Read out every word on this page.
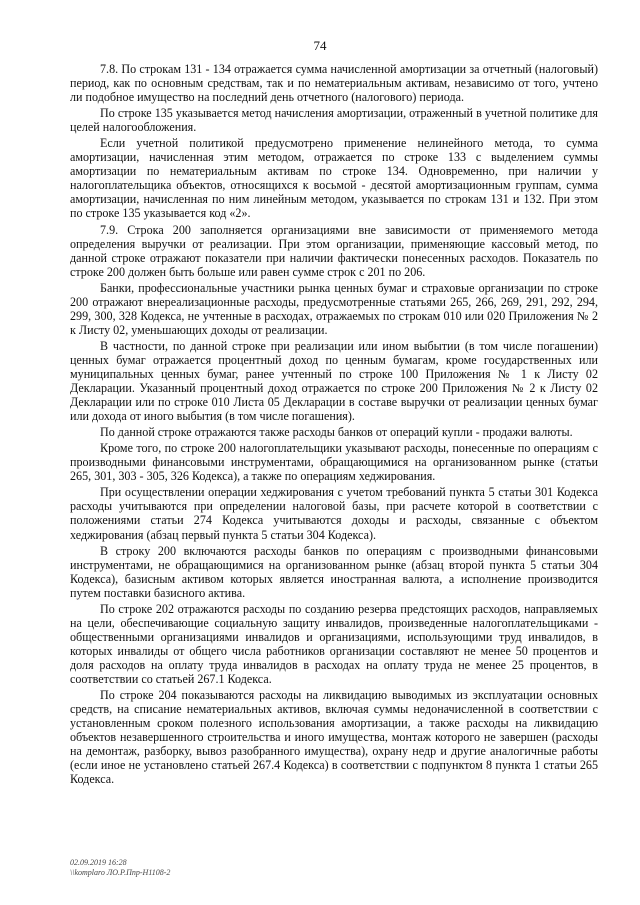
74

7.8. По строкам 131 - 134 отражается сумма начисленной амортизации за отчетный (налоговый) период, как по основным средствам, так и по нематериальным активам, независимо от того, учтено ли подобное имущество на последний день отчетного (налогового) периода.

По строке 135 указывается метод начисления амортизации, отраженный в учетной политике для целей налогообложения.

Если учетной политикой предусмотрено применение нелинейного метода, то сумма амортизации, начисленная этим методом, отражается по строке 133 с выделением суммы амортизации по нематериальным активам по строке 134. Одновременно, при наличии у налогоплательщика объектов, относящихся к восьмой - десятой амортизационным группам, сумма амортизации, начисленная по ним линейным методом, указывается по строкам 131 и 132. При этом по строке 135 указывается код «2».

7.9. Строка 200 заполняется организациями вне зависимости от применяемого метода определения выручки от реализации. При этом организации, применяющие кассовый метод, по данной строке отражают показатели при наличии фактически понесенных расходов. Показатель по строке 200 должен быть больше или равен сумме строк с 201 по 206.

Банки, профессиональные участники рынка ценных бумаг и страховые организации по строке 200 отражают внереализационные расходы, предусмотренные статьями 265, 266, 269, 291, 292, 294, 299, 300, 328 Кодекса, не учтенные в расходах, отражаемых по строкам 010 или 020 Приложения № 2 к Листу 02, уменьшающих доходы от реализации.

В частности, по данной строке при реализации или ином выбытии (в том числе погашении) ценных бумаг отражается процентный доход по ценным бумагам, кроме государственных или муниципальных ценных бумаг, ранее учтенный по строке 100 Приложения № 1 к Листу 02 Декларации. Указанный процентный доход отражается по строке 200 Приложения № 2 к Листу 02 Декларации или по строке 010 Листа 05 Декларации в составе выручки от реализации ценных бумаг или дохода от иного выбытия (в том числе погашения).

По данной строке отражаются также расходы банков от операций купли - продажи валюты.

Кроме того, по строке 200 налогоплательщики указывают расходы, понесенные по операциям с производными финансовыми инструментами, обращающимися на организованном рынке (статьи 265, 301, 303 - 305, 326 Кодекса), а также по операциям хеджирования.

При осуществлении операции хеджирования с учетом требований пункта 5 статьи 301 Кодекса расходы учитываются при определении налоговой базы, при расчете которой в соответствии с положениями статьи 274 Кодекса учитываются доходы и расходы, связанные с объектом хеджирования (абзац первый пункта 5 статьи 304 Кодекса).

В строку 200 включаются расходы банков по операциям с производными финансовыми инструментами, не обращающимися на организованном рынке (абзац второй пункта 5 статьи 304 Кодекса), базисным активом которых является иностранная валюта, а исполнение производится путем поставки базисного актива.

По строке 202 отражаются расходы по созданию резерва предстоящих расходов, направляемых на цели, обеспечивающие социальную защиту инвалидов, произведенные налогоплательщиками - общественными организациями инвалидов и организациями, использующими труд инвалидов, в которых инвалиды от общего числа работников организации составляют не менее 50 процентов и доля расходов на оплату труда инвалидов в расходах на оплату труда не менее 25 процентов, в соответствии со статьей 267.1 Кодекса.

По строке 204 показываются расходы на ликвидацию выводимых из эксплуатации основных средств, на списание нематериальных активов, включая суммы недоначисленной в соответствии с установленным сроком полезного использования амортизации, а также расходы на ликвидацию объектов незавершенного строительства и иного имущества, монтаж которого не завершен (расходы на демонтаж, разборку, вывоз разобранного имущества), охрану недр и другие аналогичные работы (если иное не установлено статьей 267.4 Кодекса) в соответствии с подпунктом 8 пункта 1 статьи 265 Кодекса.

02.09.2019 16:28
\\komplaro ЛО.Р.Ппр-Н1108-2
